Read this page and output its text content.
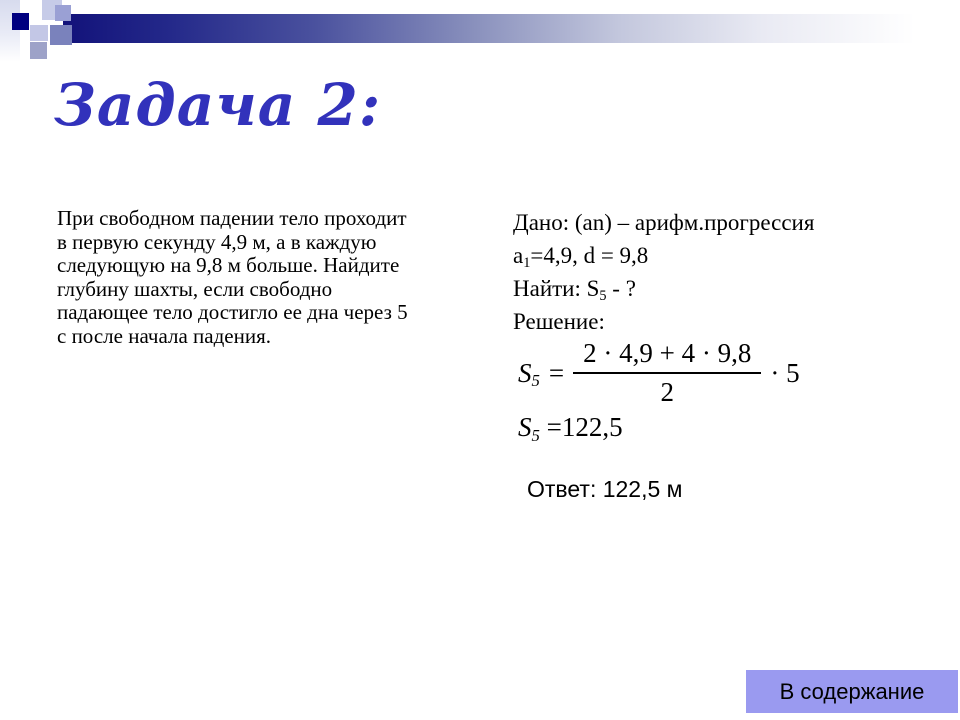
Задача 2:
При свободном падении тело проходит
в первую секунду 4,9 м, а в каждую
следующую на 9,8 м больше. Найдите
глубину шахты, если свободно
падающее тело достигло ее дна через 5
с после начала падения.
Дано: (an) – арифм.прогрессия
$a_1=4,9$, d = 9,8
Найти: $S_5$ - ?
Решение:
$S_5 = \frac{2 \cdot 4,9 + 4 \cdot 9,8}{2} \cdot 5$
$S_5 =122,5$
Ответ: 122,5 м
В содержание
